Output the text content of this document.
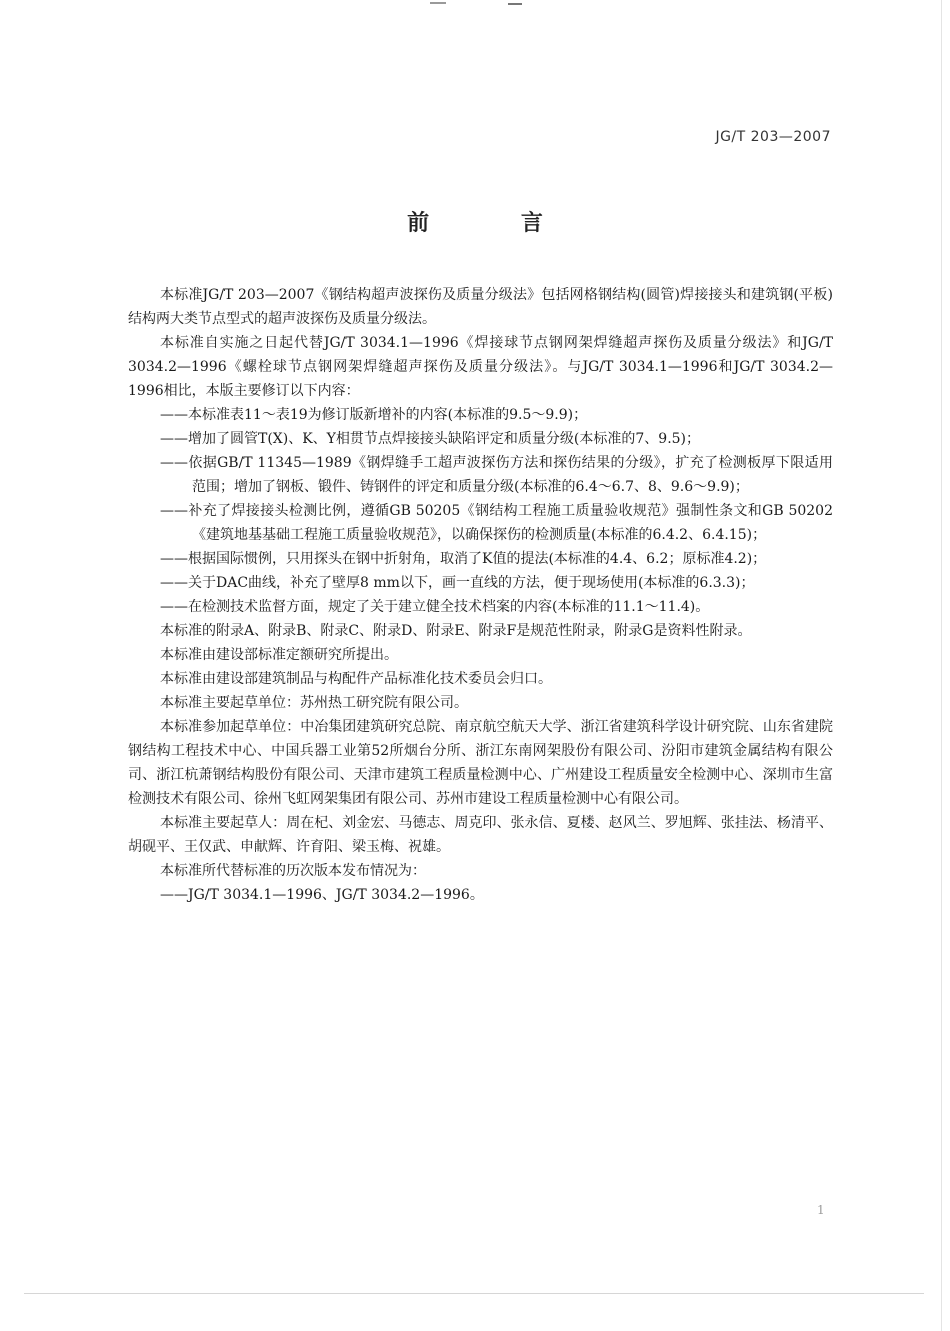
JG/T 203—2007
前 言

本标准JG/T 203—2007《钢结构超声波探伤及质量分级法》包括网格钢结构(圆管)焊接接头和建筑钢(平板)结构两大类节点型式的超声波探伤及质量分级法。

本标准自实施之日起代替JG/T 3034.1—1996《焊接球节点钢网架焊缝超声探伤及质量分级法》和JG/T 3034.2—1996《螺栓球节点钢网架焊缝超声探伤及质量分级法》。与JG/T 3034.1—1996和JG/T 3034.2—1996相比，本版主要修订以下内容：

——本标准表11～表19为修订版新增补的内容(本标准的9.5～9.9)；

——增加了圆管T(X)、K、Y相贯节点焊接接头缺陷评定和质量分级(本标准的7、9.5)；

——依据GB/T 11345—1989《钢焊缝手工超声波探伤方法和探伤结果的分级》，扩充了检测板厚下限适用范围；增加了钢板、锻件、铸钢件的评定和质量分级(本标准的6.4～6.7、8、9.6～9.9)；

——补充了焊接接头检测比例，遵循GB 50205《钢结构工程施工质量验收规范》强制性条文和GB 50202《建筑地基基础工程施工质量验收规范》，以确保探伤的检测质量(本标准的6.4.2、6.4.15)；

——根据国际惯例，只用探头在钢中折射角，取消了K值的提法(本标准的4.4、6.2；原标准4.2)；

——关于DAC曲线，补充了壁厚8 mm以下，画一直线的方法，便于现场使用(本标准的6.3.3)；

——在检测技术监督方面，规定了关于建立健全技术档案的内容(本标准的11.1～11.4)。

本标准的附录A、附录B、附录C、附录D、附录E、附录F是规范性附录，附录G是资料性附录。

本标准由建设部标准定额研究所提出。

本标准由建设部建筑制品与构配件产品标准化技术委员会归口。

本标准主要起草单位：苏州热工研究院有限公司。

本标准参加起草单位：中冶集团建筑研究总院、南京航空航天大学、浙江省建筑科学设计研究院、山东省建院钢结构工程技术中心、中国兵器工业第52所烟台分所、浙江东南网架股份有限公司、汾阳市建筑金属结构有限公司、浙江杭萧钢结构股份有限公司、天津市建筑工程质量检测中心、广州建设工程质量安全检测中心、深圳市生富检测技术有限公司、徐州飞虹网架集团有限公司、苏州市建设工程质量检测中心有限公司。

本标准主要起草人：周在杞、刘金宏、马德志、周克印、张永信、夏楼、赵风兰、罗旭辉、张挂法、杨清平、胡砚平、王仅武、申献辉、许育阳、梁玉梅、祝雄。

本标准所代替标准的历次版本发布情况为：

——JG/T 3034.1—1996、JG/T 3034.2—1996。

1
